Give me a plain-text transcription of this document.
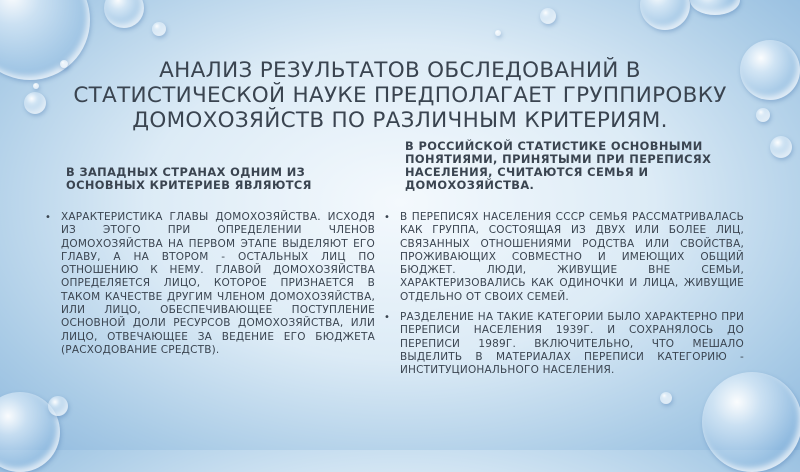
АНАЛИЗ РЕЗУЛЬТАТОВ ОБСЛЕДОВАНИЙ В СТАТИСТИЧЕСКОЙ НАУКЕ ПРЕДПОЛАГАЕТ ГРУППИРОВКУ ДОМОХОЗЯЙСТВ ПО РАЗЛИЧНЫМ КРИТЕРИЯМ.
В ЗАПАДНЫХ СТРАНАХ ОДНИМ ИЗ ОСНОВНЫХ КРИТЕРИЕВ ЯВЛЯЮТСЯ
В РОССИЙСКОЙ СТАТИСТИКЕ ОСНОВНЫМИ ПОНЯТИЯМИ, ПРИНЯТЫМИ ПРИ ПЕРЕПИСЯХ НАСЕЛЕНИЯ, СЧИТАЮТСЯ СЕМЬЯ И ДОМОХОЗЯЙСТВА.

• ХАРАКТЕРИСТИКА ГЛАВЫ ДОМОХОЗЯЙСТВА. ИСХОДЯ ИЗ ЭТОГО ПРИ ОПРЕДЕЛЕНИИ ЧЛЕНОВ ДОМОХОЗЯЙСТВА НА ПЕРВОМ ЭТАПЕ ВЫДЕЛЯЮТ ЕГО ГЛАВУ, А НА ВТОРОМ - ОСТАЛЬНЫХ ЛИЦ ПО ОТНОШЕНИЮ К НЕМУ. ГЛАВОЙ ДОМОХОЗЯЙСТВА ОПРЕДЕЛЯЕТСЯ ЛИЦО, КОТОРОЕ ПРИЗНАЕТСЯ В ТАКОМ КАЧЕСТВЕ ДРУГИМ ЧЛЕНОМ ДОМОХОЗЯЙСТВА, ИЛИ ЛИЦО, ОБЕСПЕЧИВАЮЩЕЕ ПОСТУПЛЕНИЕ ОСНОВНОЙ ДОЛИ РЕСУРСОВ ДОМОХОЗЯЙСТВА, ИЛИ ЛИЦО, ОТВЕЧАЮЩЕЕ ЗА ВЕДЕНИЕ ЕГО БЮДЖЕТА (РАСХОДОВАНИЕ СРЕДСТВ).

• В ПЕРЕПИСЯХ НАСЕЛЕНИЯ СССР СЕМЬЯ РАССМАТРИВАЛАСЬ КАК ГРУППА, СОСТОЯЩАЯ ИЗ ДВУХ ИЛИ БОЛЕЕ ЛИЦ, СВЯЗАННЫХ ОТНОШЕНИЯМИ РОДСТВА ИЛИ СВОЙСТВА, ПРОЖИВАЮЩИХ СОВМЕСТНО И ИМЕЮЩИХ ОБЩИЙ БЮДЖЕТ. ЛЮДИ, ЖИВУЩИЕ ВНЕ СЕМЬИ, ХАРАКТЕРИЗОВАЛИСЬ КАК ОДИНОЧКИ И ЛИЦА, ЖИВУЩИЕ ОТДЕЛЬНО ОТ СВОИХ СЕМЕЙ.

• РАЗДЕЛЕНИЕ НА ТАКИЕ КАТЕГОРИИ БЫЛО ХАРАКТЕРНО ПРИ ПЕРЕПИСИ НАСЕЛЕНИЯ 1939Г. И СОХРАНЯЛОСЬ ДО ПЕРЕПИСИ 1989Г. ВКЛЮЧИТЕЛЬНО, ЧТО МЕШАЛО ВЫДЕЛИТЬ В МАТЕРИАЛАХ ПЕРЕПИСИ КАТЕГОРИЮ - ИНСТИТУЦИОНАЛЬНОГО НАСЕЛЕНИЯ.
